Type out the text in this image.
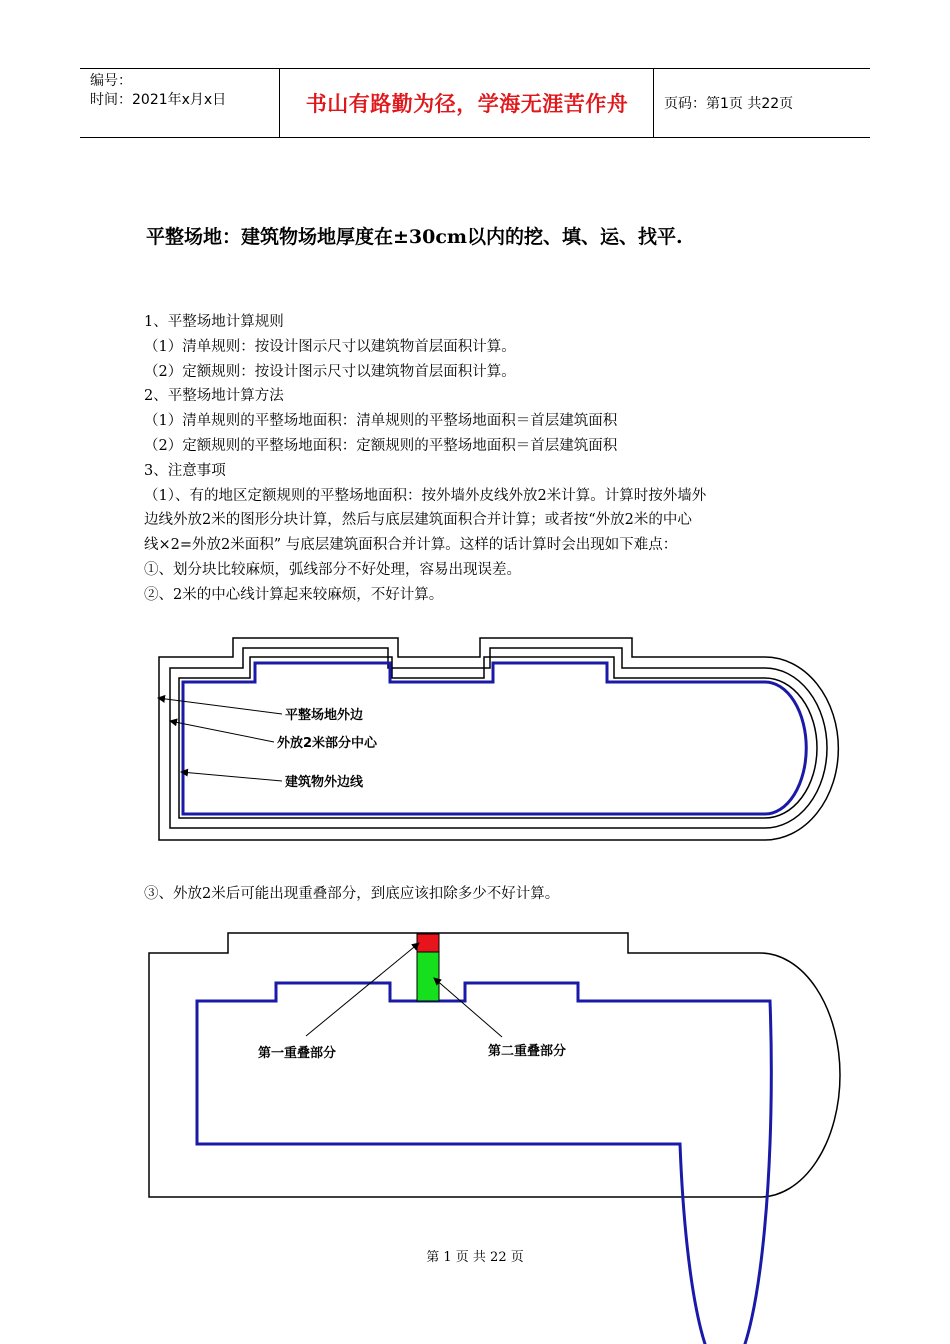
编号：
时间：2021年x月x日	书山有路勤为径，学海无涯苦作舟	页码：第1页 共22页
平整场地：建筑物场地厚度在±30cm以内的挖、填、运、找平.

1、平整场地计算规则

（1）清单规则：按设计图示尺寸以建筑物首层面积计算。

（2）定额规则：按设计图示尺寸以建筑物首层面积计算。

2、平整场地计算方法

（1）清单规则的平整场地面积：清单规则的平整场地面积＝首层建筑面积

（2）定额规则的平整场地面积：定额规则的平整场地面积＝首层建筑面积

3、注意事项

（1）、有的地区定额规则的平整场地面积：按外墙外皮线外放2米计算。计算时按外墙外

边线外放2米的图形分块计算，然后与底层建筑面积合并计算；或者按“外放2米的中心

线×2=外放2米面积” 与底层建筑面积合并计算。这样的话计算时会出现如下难点：

①、划分块比较麻烦，弧线部分不好处理，容易出现误差。

②、2米的中心线计算起来较麻烦，不好计算。

平整场地外边
外放2米部分中心
建筑物外边线
第一重叠部分	第二重叠部分

③、外放2米后可能出现重叠部分，到底应该扣除多少不好计算。

第 1 页 共 22 页
